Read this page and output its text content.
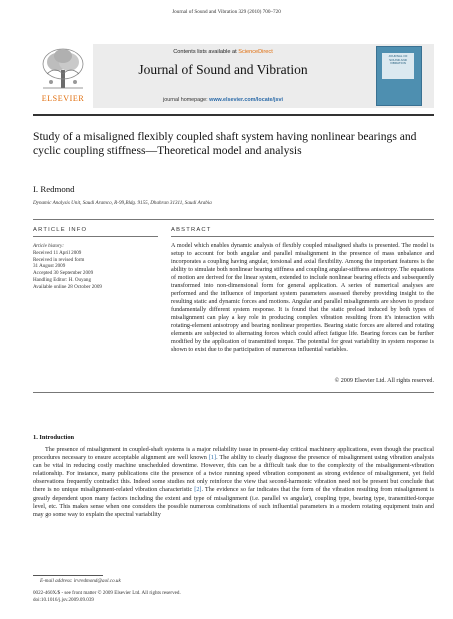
Journal of Sound and Vibration 329 (2010) 700–720
ELSEVIER
Contents lists available at ScienceDirect
Journal of Sound and Vibration
journal homepage: www.elsevier.com/locate/jsvi
JOURNAL OF SOUND AND VIBRATION
Study of a misaligned flexibly coupled shaft system having nonlinear bearings and cyclic coupling stiffness—Theoretical model and analysis
I. Redmond
Dynamic Analysis Unit, Saudi Aramco, R-99,Bldg. 9155, Dhahran 31311, Saudi Arabia
ARTICLE INFO	ABSTRACT
Article history:
Received 11 April 2009
Received in revised form
31 August 2009
Accepted 30 September 2009
Handling Editor: H. Ouyang
Available online 28 October 2009
A model which enables dynamic analysis of flexibly coupled misaligned shafts is presented. The model is setup to account for both angular and parallel misalignment in the presence of mass unbalance and incorporates a coupling having angular, torsional and axial flexibility. Among the important features is the ability to simulate both nonlinear bearing stiffness and coupling angular-stiffness anisotropy. The equations of motion are derived for the linear system, extended to include nonlinear bearing effects and subsequently transformed into non-dimensional form for general application. A series of numerical analyses are performed and the influence of important system parameters assessed thereby providing insight to the resulting static and dynamic forces and motions. Angular and parallel misalignments are shown to produce fundamentally different system response. It is found that the static preload induced by both types of misalignment can play a key role in producing complex vibration resulting from it's interaction with rotating-element anisotropy and bearing nonlinear properties. Bearing static forces are altered and rotating elements are subjected to alternating forces which could affect fatigue life. Bearing forces can be further modified by the application of transmitted torque. The potential for great variability in system response is shown to exist due to the participation of numerous influential variables.
© 2009 Elsevier Ltd. All rights reserved.
1. Introduction
The presence of misalignment in coupled-shaft systems is a major reliability issue in present-day critical machinery applications, even though the practical procedures necessary to ensure acceptable alignment are well known [1]. The ability to clearly diagnose the presence of misalignment using vibration analysis can be vital in reducing costly machine unscheduled downtime. However, this can be a difficult task due to the complexity of the misalignment-vibration relationship. For instance, many publications cite the presence of a twice running speed vibration component as strong evidence of misalignment, yet field observations frequently contradict this. Indeed some studies not only reinforce the view that second-harmonic vibration need not be present but conclude that there is no unique misalignment-related vibration characteristic [2]. The evidence so far indicates that the form of the vibration resulting from misalignment is greatly dependent upon many factors including the extent and type of misalignment (i.e. parallel vs angular), coupling type, bearing type, transmitted-torque level, etc. This makes sense when one considers the possible numerous combinations of such influential parameters in a modern rotating equipment train and may go some way to explain the spectral variability
E-mail address: irvredmond@aol.co.uk
0022-460X/$ - see front matter © 2009 Elsevier Ltd. All rights reserved.
doi:10.1016/j.jsv.2009.09.039
